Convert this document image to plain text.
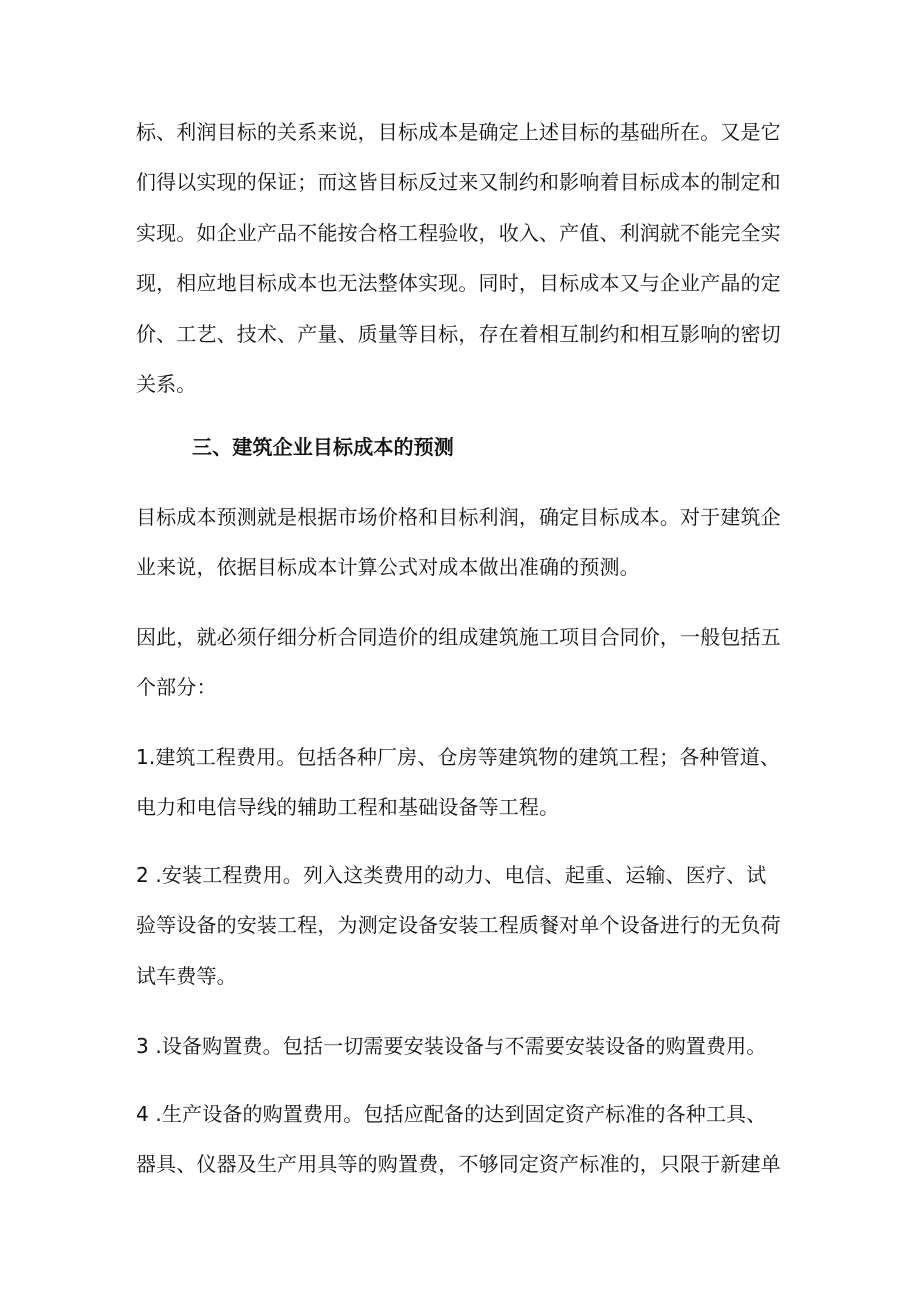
标、利润目标的关系来说，目标成本是确定上述目标的基础所在。又是它
们得以实现的保证；而这皆目标反过来又制约和影响着目标成本的制定和
实现。如企业产品不能按合格工程验收，收入、产值、利润就不能完全实
现，相应地目标成本也无法整体实现。同时，目标成本又与企业产晶的定
价、工艺、技术、产量、质量等目标，存在着相互制约和相互影响的密切
关系。
三、建筑企业目标成本的预测
目标成本预测就是根据市场价格和目标利润，确定目标成本。对于建筑企
业来说，依据目标成本计算公式对成本做出准确的预测。
因此，就必须仔细分析合同造价的组成建筑施工项目合同价，一般包括五
个部分：
1.建筑工程费用。包括各种厂房、仓房等建筑物的建筑工程；各种管道、
电力和电信导线的辅助工程和基础设备等工程。
2 .安装工程费用。列入这类费用的动力、电信、起重、运输、医疗、试
验等设备的安装工程，为测定设备安装工程质餐对单个设备进行的无负荷
试车费等。
3 .设备购置费。包括一切需要安装设备与不需要安装设备的购置费用。
4 .生产设备的购置费用。包括应配备的达到固定资产标准的各种工具、
器具、仪器及生产用具等的购置费，不够同定资产标准的，只限于新建单
